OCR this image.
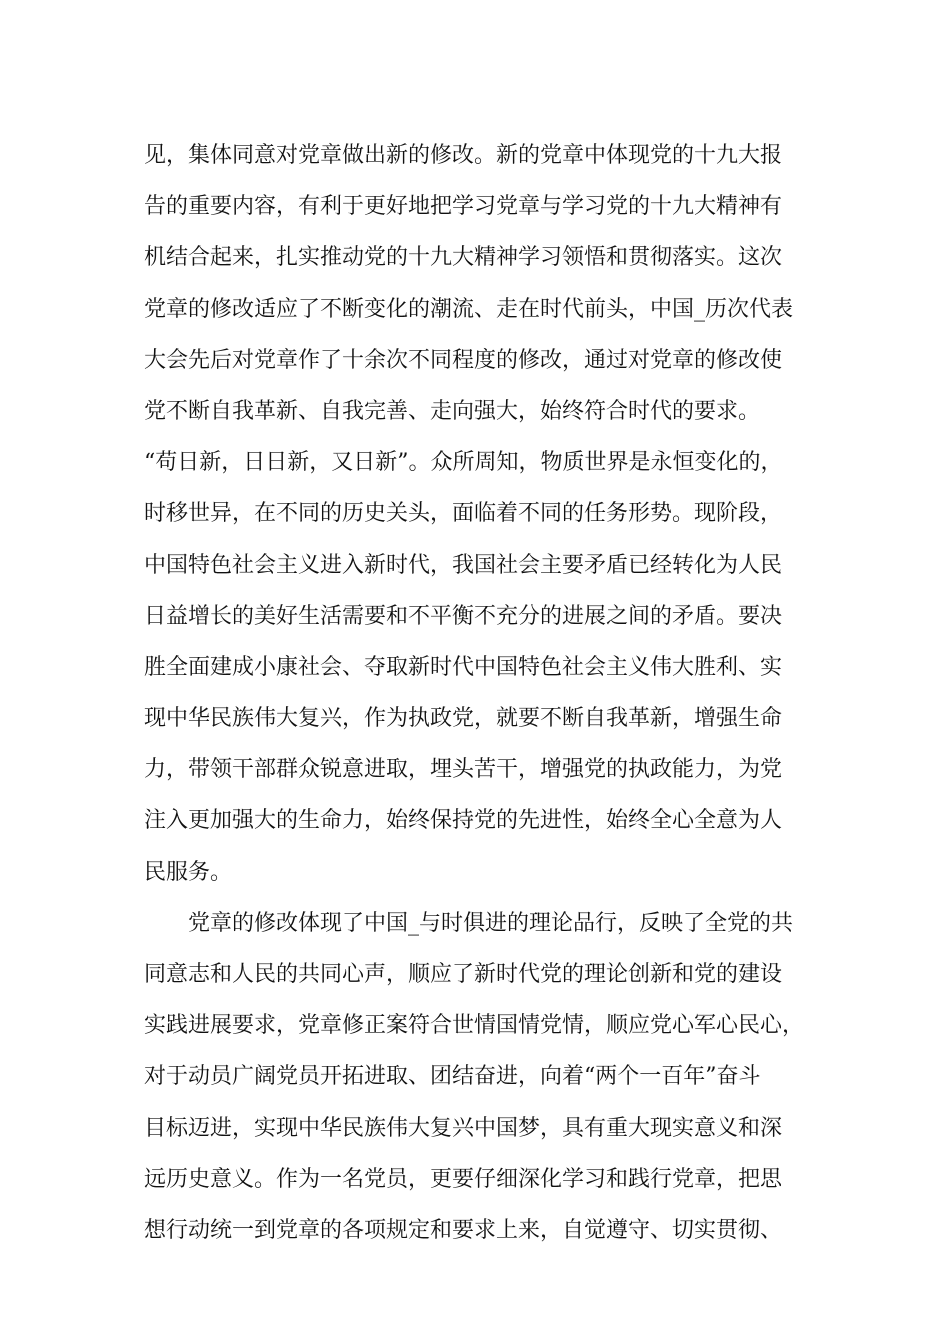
见，集体同意对党章做出新的修改。新的党章中体现党的十九大报
告的重要内容，有利于更好地把学习党章与学习党的十九大精神有
机结合起来，扎实推动党的十九大精神学习领悟和贯彻落实。这次
党章的修改适应了不断变化的潮流、走在时代前头，中国_历次代表
大会先后对党章作了十余次不同程度的修改，通过对党章的修改使
党不断自我革新、自我完善、走向强大，始终符合时代的要求。
“苟日新，日日新，又日新”。众所周知，物质世界是永恒变化的，
时移世异，在不同的历史关头，面临着不同的任务形势。现阶段，
中国特色社会主义进入新时代，我国社会主要矛盾已经转化为人民
日益增长的美好生活需要和不平衡不充分的进展之间的矛盾。要决
胜全面建成小康社会、夺取新时代中国特色社会主义伟大胜利、实
现中华民族伟大复兴，作为执政党，就要不断自我革新，增强生命
力，带领干部群众锐意进取，埋头苦干，增强党的执政能力，为党
注入更加强大的生命力，始终保持党的先进性，始终全心全意为人
民服务。
党章的修改体现了中国_与时俱进的理论品行，反映了全党的共
同意志和人民的共同心声，顺应了新时代党的理论创新和党的建设
实践进展要求，党章修正案符合世情国情党情，顺应党心军心民心，
对于动员广阔党员开拓进取、团结奋进，向着“两个一百年”奋斗
目标迈进，实现中华民族伟大复兴中国梦，具有重大现实意义和深
远历史意义。作为一名党员，更要仔细深化学习和践行党章，把思
想行动统一到党章的各项规定和要求上来，自觉遵守、切实贯彻、
